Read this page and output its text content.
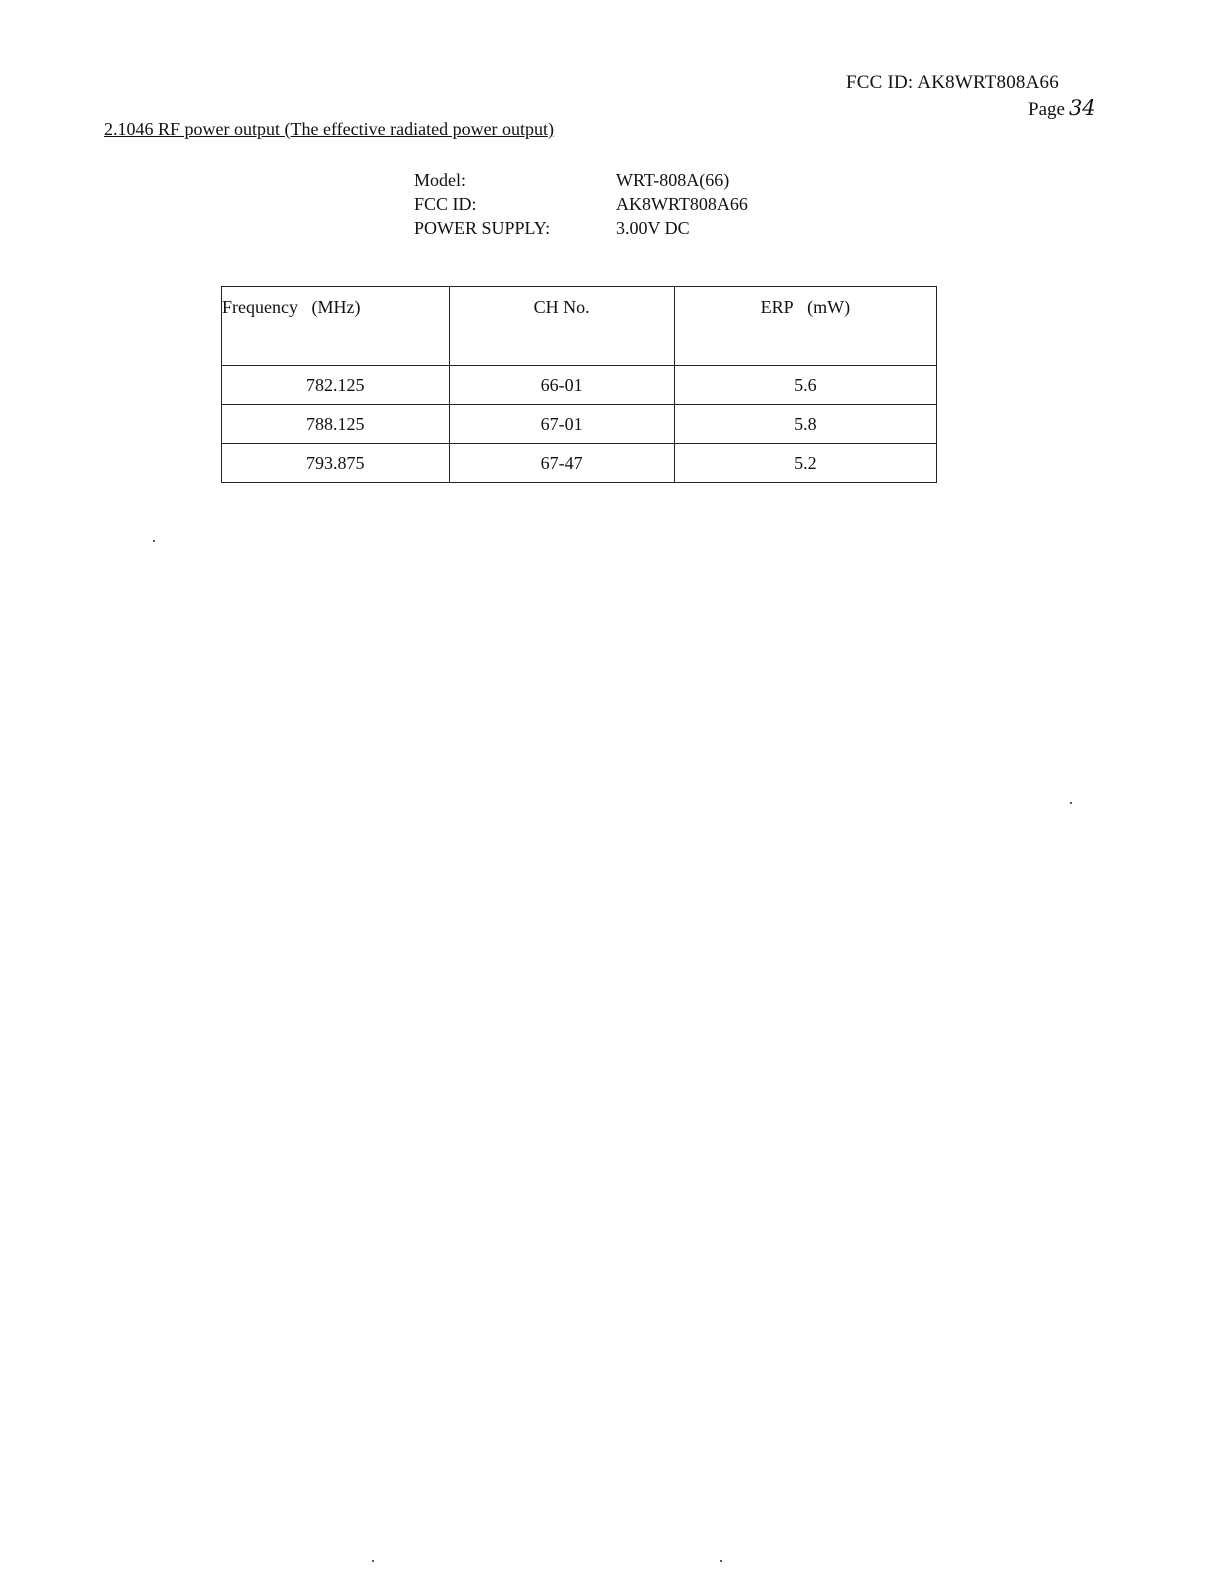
FCC ID: AK8WRT808A66
Page 34
2.1046 RF power output (The effective radiated power output)
Model:	WRT-808A(66)
FCC ID:	AK8WRT808A66
POWER SUPPLY:	3.00V DC
Frequency   (MHz)	CH No.	ERP   (mW)
782.125	66-01	5.6
788.125	67-01	5.8
793.875	67-47	5.2
